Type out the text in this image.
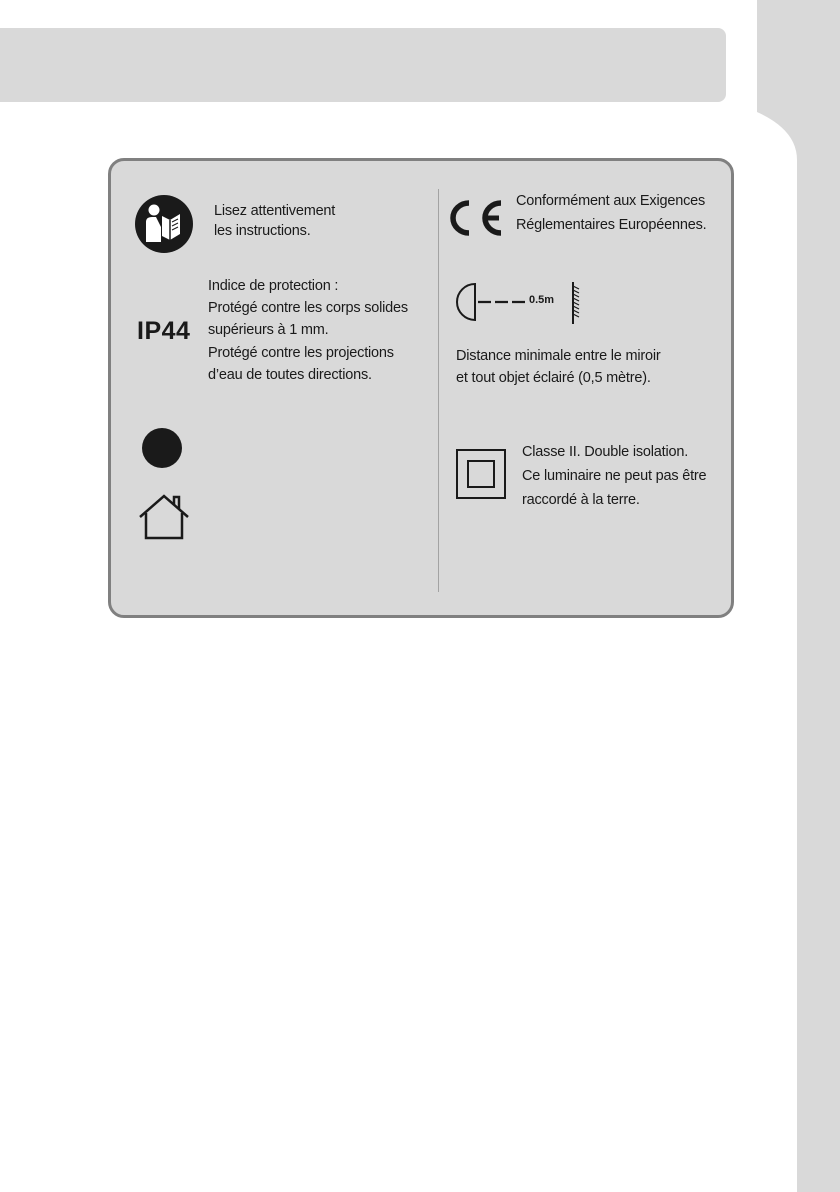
Lisez attentivement
les instructions.
IP44
Indice de protection :
Protégé contre les corps solides
supérieurs à 1 mm.
Protégé contre les projections
d’eau de toutes directions.
Conformément aux Exigences
Réglementaires Européennes.
0.5m
Distance minimale entre le miroir
et tout objet éclairé (0,5 mètre).
Classe II. Double isolation.
Ce luminaire ne peut pas être
raccordé à la terre.
